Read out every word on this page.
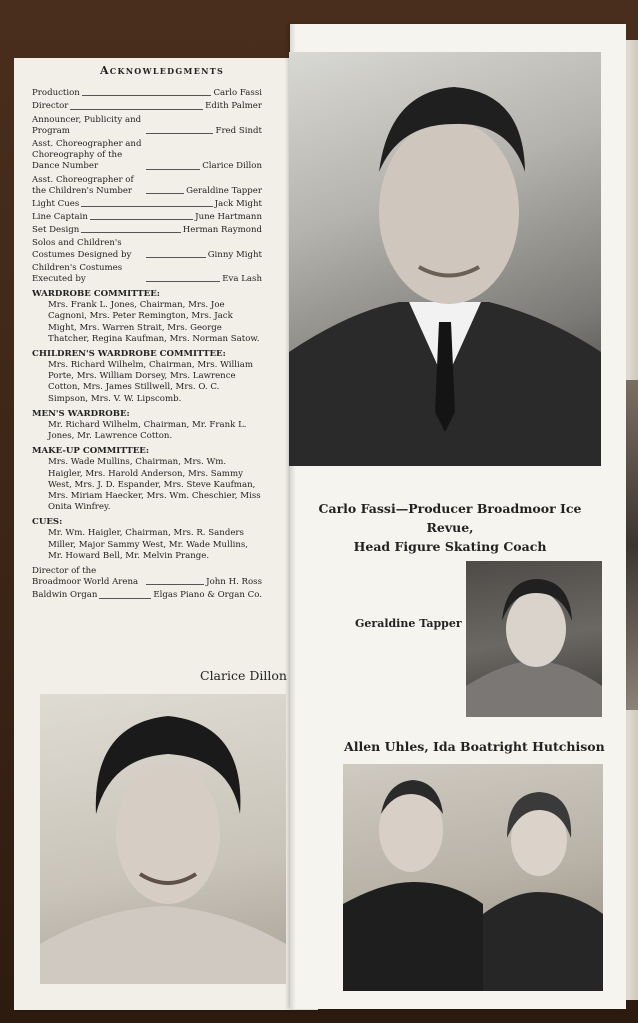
Acknowledgments
Production	Carlo Fassi
Director	Edith Palmer
Announcer, Publicity and Program	Fred Sindt
Asst. Choreographer and Choreography of the Dance Number	Clarice Dillon
Asst. Choreographer of the Children's Number	Geraldine Tapper
Light Cues	Jack Might
Line Captain	June Hartmann
Set Design	Herman Raymond
Solos and Children's Costumes Designed by	Ginny Might
Children's Costumes Executed by	Eva Lash
WARDROBE COMMITTEE:
Mrs. Frank L. Jones, Chairman, Mrs. Joe Cagnoni, Mrs. Peter Remington, Mrs. Jack Might, Mrs. Warren Strait, Mrs. George Thatcher, Regina Kaufman, Mrs. Norman Satow.
CHILDREN'S WARDROBE COMMITTEE:
Mrs. Richard Wilhelm, Chairman, Mrs. William Porte, Mrs. William Dorsey, Mrs. Lawrence Cotton, Mrs. James Stillwell, Mrs. O. C. Simpson, Mrs. V. W. Lipscomb.
MEN'S WARDROBE:
Mr. Richard Wilhelm, Chairman, Mr. Frank L. Jones, Mr. Lawrence Cotton.
MAKE-UP COMMITTEE:
Mrs. Wade Mullins, Chairman, Mrs. Wm. Haigler, Mrs. Harold Anderson, Mrs. Sammy West, Mrs. J. D. Espander, Mrs. Steve Kaufman, Mrs. Miriam Haecker, Mrs. Wm. Cheschier, Miss Onita Winfrey.
CUES:
Mr. Wm. Haigler, Chairman, Mrs. R. Sanders Miller, Major Sammy West, Mr. Wade Mullins, Mr. Howard Bell, Mr. Melvin Prange.
Director of the Broadmoor World Arena	John H. Ross
Baldwin Organ	Elgas Piano & Organ Co.
Carlo Fassi—Producer Broadmoor Ice Revue,
Head Figure Skating Coach
Geraldine Tapper
Allen Uhles, Ida Boatright Hutchison
Clarice Dillon
